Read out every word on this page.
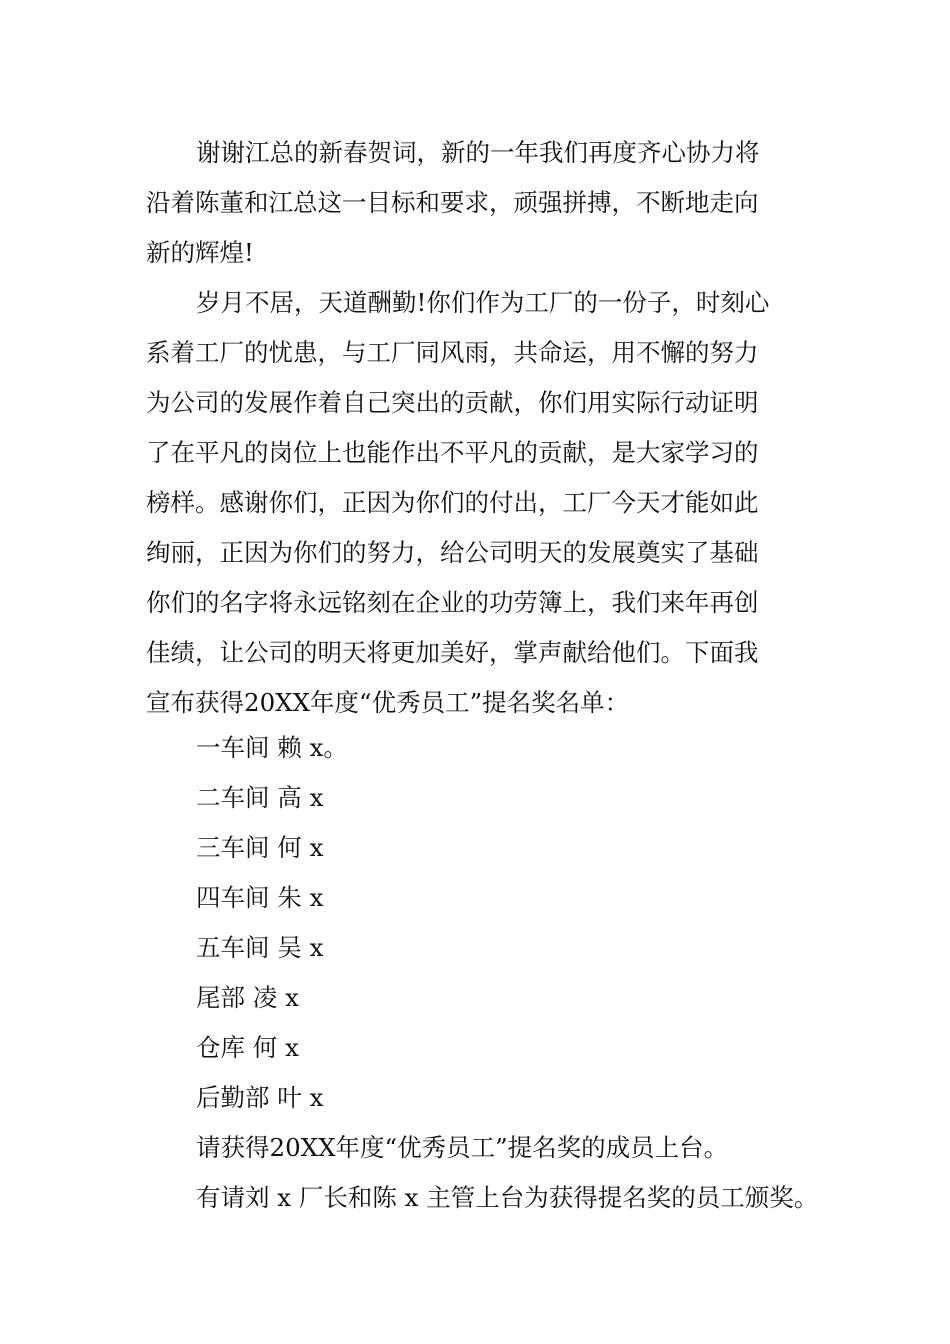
谢谢江总的新春贺词，新的一年我们再度齐心协力将
沿着陈董和江总这一目标和要求，顽强拼搏，不断地走向
新的辉煌!
岁月不居，天道酬勤!你们作为工厂的一份子，时刻心
系着工厂的忧患，与工厂同风雨，共命运，用不懈的努力
为公司的发展作着自己突出的贡献，你们用实际行动证明
了在平凡的岗位上也能作出不平凡的贡献，是大家学习的
榜样。感谢你们，正因为你们的付出，工厂今天才能如此
绚丽，正因为你们的努力，给公司明天的发展奠实了基础
你们的名字将永远铭刻在企业的功劳簿上，我们来年再创
佳绩，让公司的明天将更加美好，掌声献给他们。下面我
宣布获得20XX年度“优秀员工”提名奖名单：
一车间 赖 x。
二车间 高 x
三车间 何 x
四车间 朱 x
五车间 吴 x
尾部 凌 x
仓库 何 x
后勤部 叶 x
请获得20XX年度“优秀员工”提名奖的成员上台。
有请刘 x 厂长和陈 x 主管上台为获得提名奖的员工颁奖。
